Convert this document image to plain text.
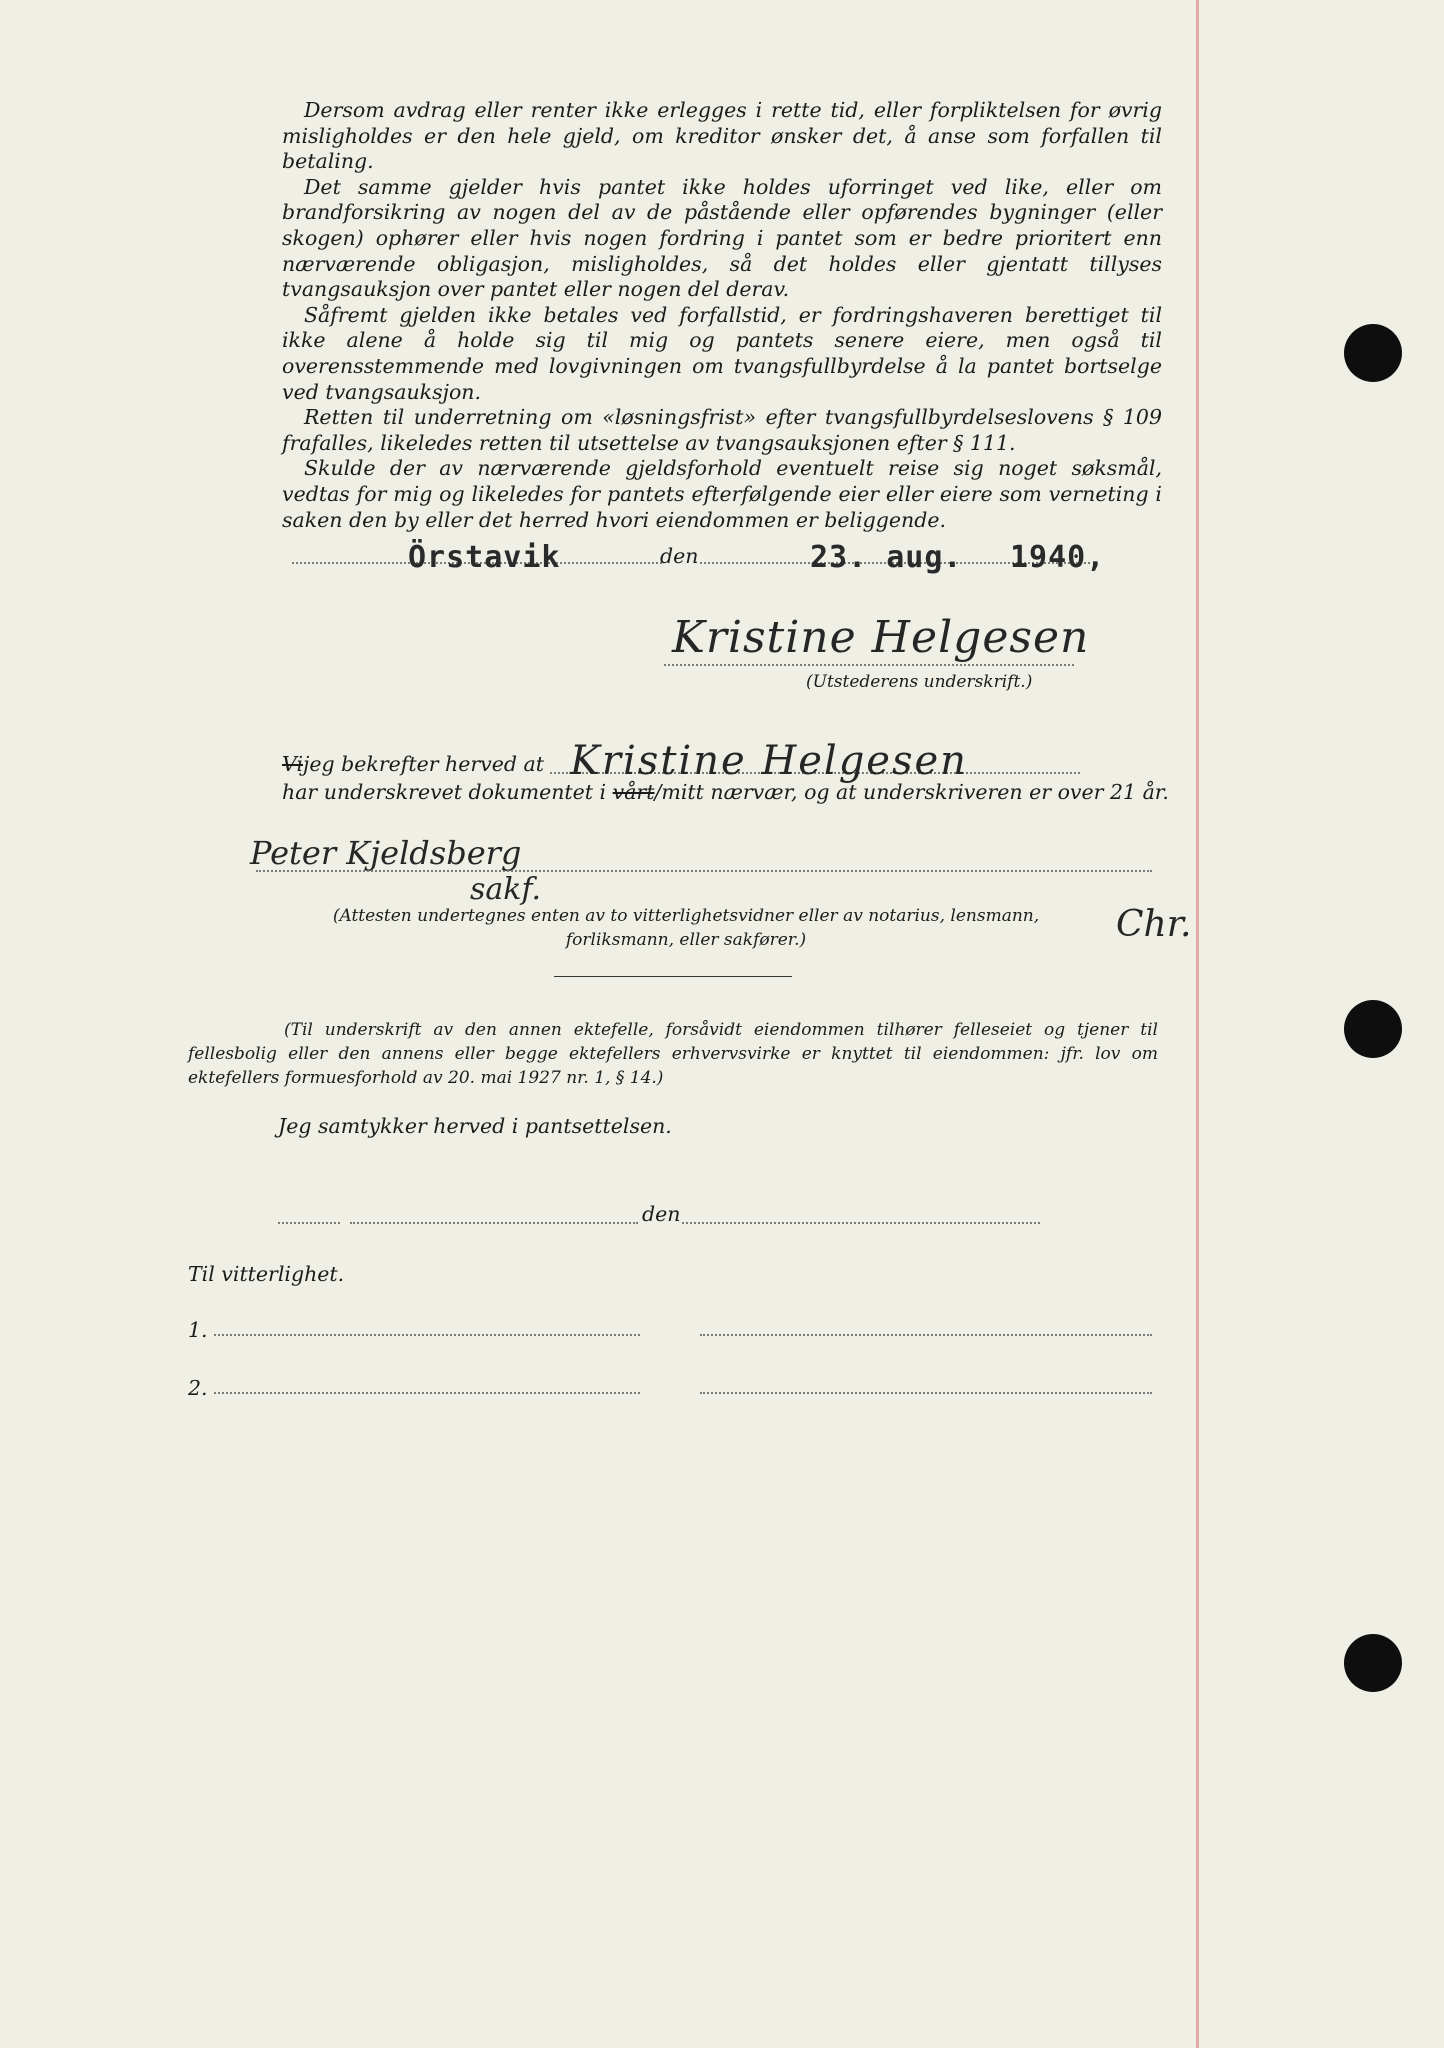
Dersom avdrag eller renter ikke erlegges i rette tid, eller forpliktelsen for øvrig misligholdes er den hele gjeld, om kreditor ønsker det, å anse som forfallen til betaling.

Det samme gjelder hvis pantet ikke holdes uforringet ved like, eller om brandforsikring av nogen del av de påstående eller opførendes bygninger (eller skogen) ophører eller hvis nogen fordring i pantet som er bedre prioritert enn nærværende obligasjon, misligholdes, så det holdes eller gjentatt tillyses tvangsauksjon over pantet eller nogen del derav.

Såfremt gjelden ikke betales ved forfallstid, er fordringshaveren berettiget til ikke alene å holde sig til mig og pantets senere eiere, men også til overensstemmende med lovgivningen om tvangsfullbyrdelse å la pantet bortselge ved tvangsauksjon.

Retten til underretning om «løsningsfrist» efter tvangsfullbyrdelseslovens § 109 frafalles, likeledes retten til utsettelse av tvangsauksjonen efter § 111.

Skulde der av nærværende gjeldsforhold eventuelt reise sig noget søksmål, vedtas for mig og likeledes for pantets efterfølgende eier eller eiere som verneting i saken den by eller det herred hvori eiendommen er beliggende.

Örstavik	den	23. aug. 1940,
Kristine Helgesen
(Utstederens underskrift.)
Vijeg bekrefter herved at Kristine Helgesen
har underskrevet dokumentet i vårt/mitt nærvær, og at underskriveren er over 21 år.
Peter Kjeldsberg
sakf.
(Attesten undertegnes enten av to vitterlighetsvidner eller av notarius, lensmann, forliksmann, eller sakfører.)	Chr.
(Til underskrift av den annen ektefelle, forsåvidt eiendommen tilhører felleseiet og tjener til fellesbolig eller den annens eller begge ektefellers erhvervsvirke er knyttet til eiendommen: jfr. lov om ektefellers formuesforhold av 20. mai 1927 nr. 1, § 14.)
Jeg samtykker herved i pantsettelsen.
den
Til vitterlighet.
1.
2.
